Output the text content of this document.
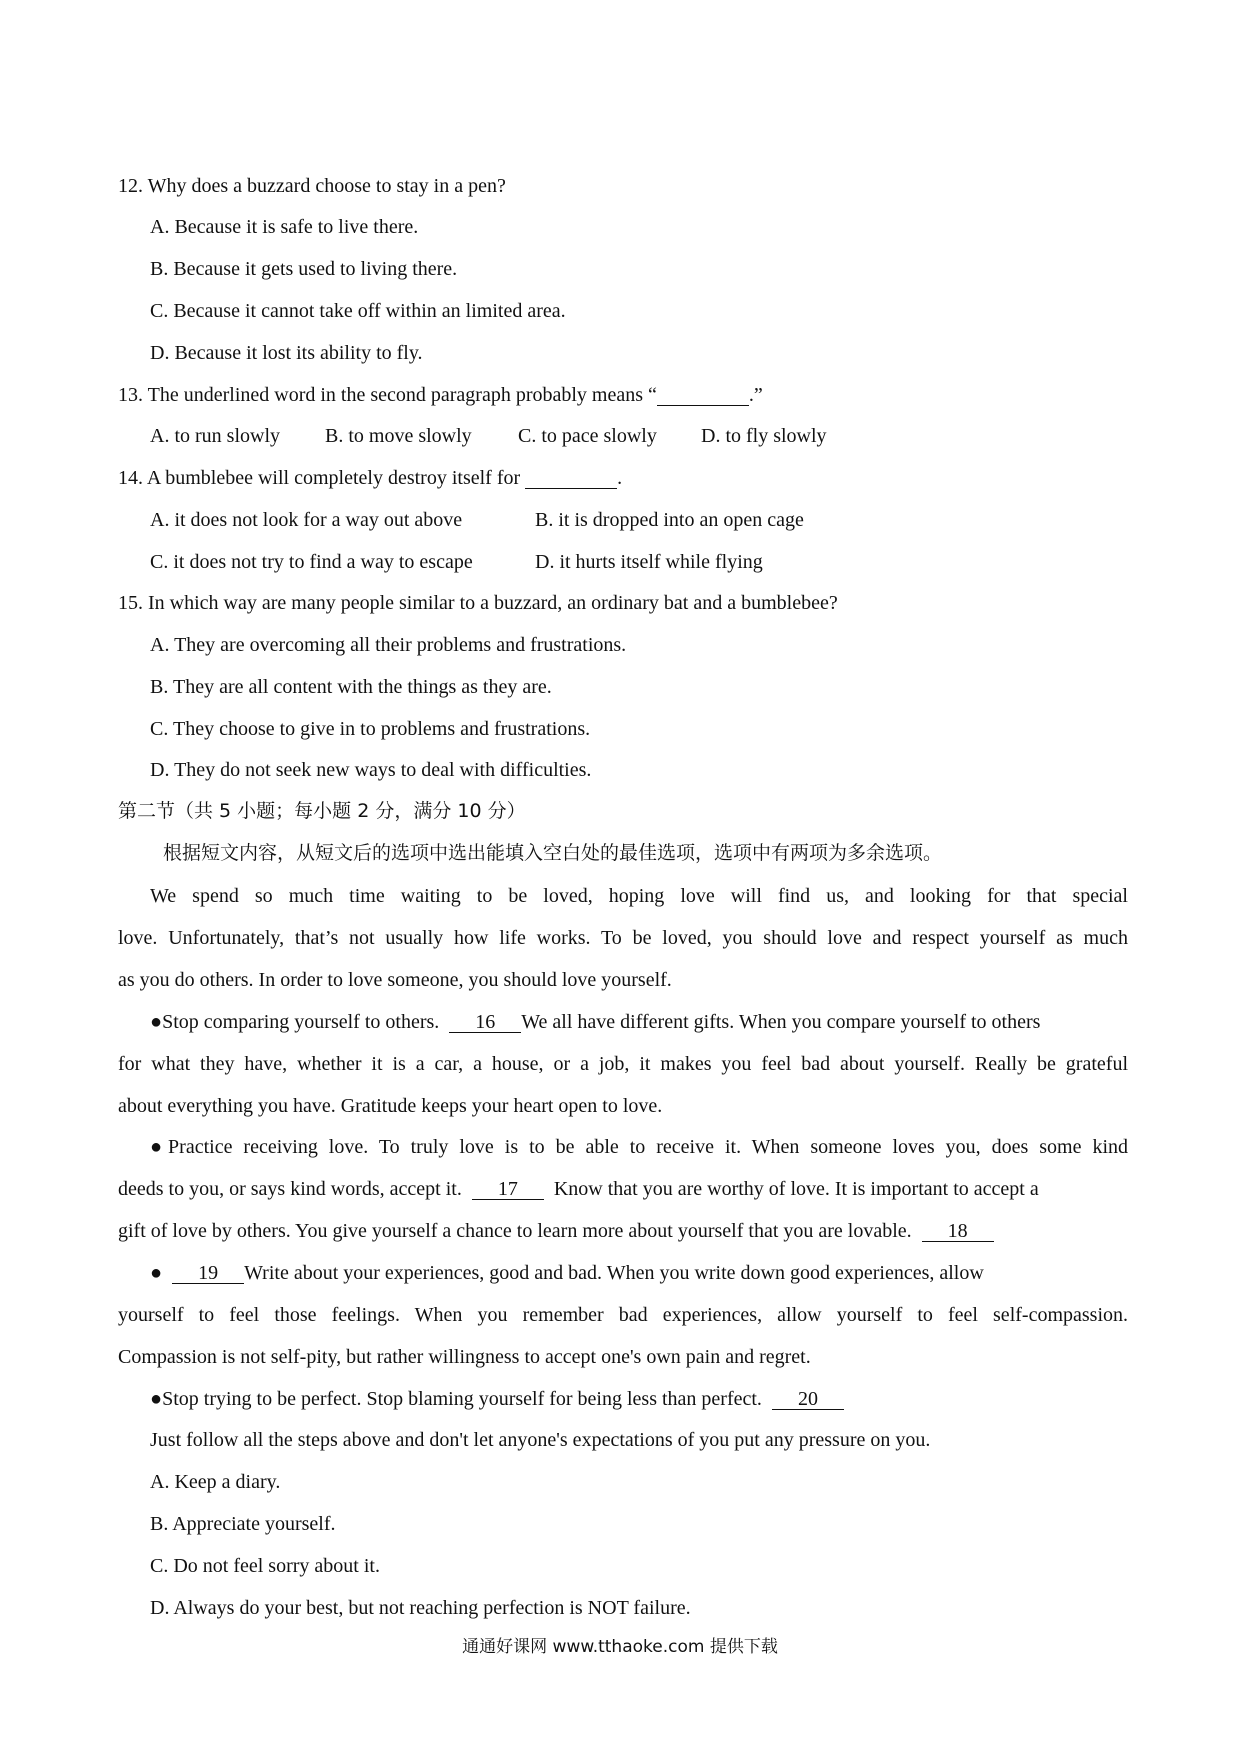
12. Why does a buzzard choose to stay in a pen?
A. Because it is safe to live there.
B. Because it gets used to living there.
C. Because it cannot take off within an limited area.
D. Because it lost its ability to fly.
13. The underlined word in the second paragraph probably means “	.”
A. to run slowly B. to move slowly C. to pace slowly D. to fly slowly
14. A bumblebee will completely destroy itself for	.
A. it does not look for a way out above	B. it is dropped into an open cage
C. it does not try to find a way to escape	D. it hurts itself while flying
15. In which way are many people similar to a buzzard, an ordinary bat and a bumblebee?
A. They are overcoming all their problems and frustrations.
B. They are all content with the things as they are.
C. They choose to give in to problems and frustrations.
D. They do not seek new ways to deal with difficulties.
第二节（共 5 小题；每小题 2 分，满分 10 分）
根据短文内容，从短文后的选项中选出能填入空白处的最佳选项，选项中有两项为多余选项。
We spend so much time waiting to be loved, hoping love will find us, and looking for that special
love. Unfortunately, that’s not usually how life works. To be loved, you should love and respect yourself as much
as you do others. In order to love someone, you should love yourself.
●Stop comparing yourself to others. 16 We all have different gifts. When you compare yourself to others
for what they have, whether it is a car, a house, or a job, it makes you feel bad about yourself. Really be grateful
about everything you have. Gratitude keeps your heart open to love.
●Practice receiving love. To truly love is to be able to receive it. When someone loves you, does some kind
deeds to you, or says kind words, accept it. 17 Know that you are worthy of love. It is important to accept a
gift of love by others. You give yourself a chance to learn more about yourself that you are lovable. 18
● 19 Write about your experiences, good and bad. When you write down good experiences, allow
yourself to feel those feelings. When you remember bad experiences, allow yourself to feel self-compassion.
Compassion is not self-pity, but rather willingness to accept one's own pain and regret.
●Stop trying to be perfect. Stop blaming yourself for being less than perfect. 20
Just follow all the steps above and don't let anyone's expectations of you put any pressure on you.
A. Keep a diary.
B. Appreciate yourself.
C. Do not feel sorry about it.
D. Always do your best, but not reaching perfection is NOT failure.
通通好课网 www.tthaoke.com 提供下载
